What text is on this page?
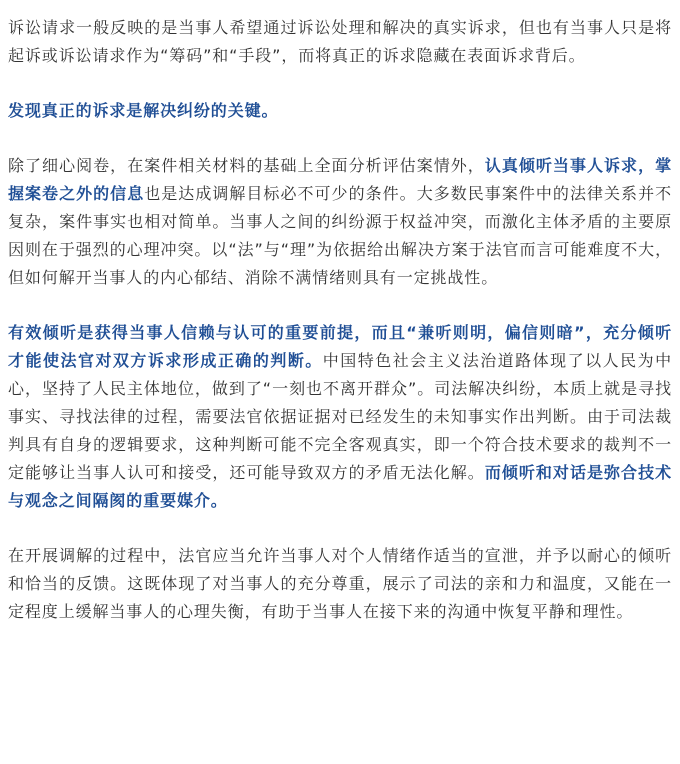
诉讼请求一般反映的是当事人希望通过诉讼处理和解决的真实诉求，但也有当事人只是将起诉或诉讼请求作为“筹码”和“手段”，而将真正的诉求隐藏在表面诉求背后。

发现真正的诉求是解决纠纷的关键。

除了细心阅卷，在案件相关材料的基础上全面分析评估案情外，认真倾听当事人诉求，掌握案卷之外的信息也是达成调解目标必不可少的条件。大多数民事案件中的法律关系并不复杂，案件事实也相对简单。当事人之间的纠纷源于权益冲突，而激化主体矛盾的主要原因则在于强烈的心理冲突。以“法”与“理”为依据给出解决方案于法官而言可能难度不大，但如何解开当事人的内心郁结、消除不满情绪则具有一定挑战性。

有效倾听是获得当事人信赖与认可的重要前提，而且“兼听则明，偏信则暗”，充分倾听才能使法官对双方诉求形成正确的判断。中国特色社会主义法治道路体现了以人民为中心，坚持了人民主体地位，做到了“一刻也不离开群众”。司法解决纠纷，本质上就是寻找事实、寻找法律的过程，需要法官依据证据对已经发生的未知事实作出判断。由于司法裁判具有自身的逻辑要求，这种判断可能不完全客观真实，即一个符合技术要求的裁判不一定能够让当事人认可和接受，还可能导致双方的矛盾无法化解。而倾听和对话是弥合技术与观念之间隔阂的重要媒介。

在开展调解的过程中，法官应当允许当事人对个人情绪作适当的宣泄，并予以耐心的倾听和恰当的反馈。这既体现了对当事人的充分尊重，展示了司法的亲和力和温度，又能在一定程度上缓解当事人的心理失衡，有助于当事人在接下来的沟通中恢复平静和理性。
